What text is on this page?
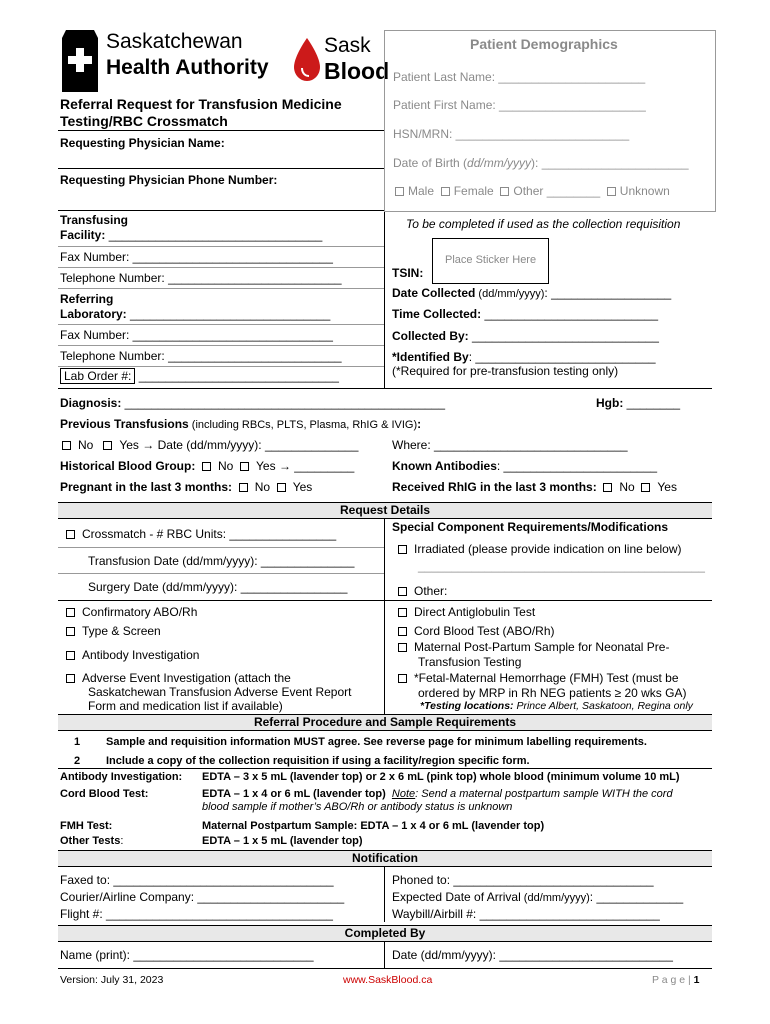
Saskatchewan
Health Authority
Sask
Blood
Referral Request for Transfusion Medicine
Testing/RBC Crossmatch
Requesting Physician Name:
Requesting Physician Phone Number:
Patient Demographics
Patient Last Name: ______________________
Patient First Name: ______________________
HSN/MRN: __________________________
Date of Birth (dd/mm/yyyy): ______________________
Male Female Other ________ Unknown
Transfusing
Facility: ________________________________
Fax Number: ______________________________
Telephone Number: __________________________
Referring
Laboratory: ______________________________
Fax Number: ______________________________
Telephone Number: __________________________
Lab Order #: ______________________________
To be completed if used as the collection requisition
Place Sticker Here
TSIN:
Date Collected (dd/mm/yyyy): __________________
Time Collected: __________________________
Collected By: ____________________________
*Identified By: ___________________________
(*Required for pre-transfusion testing only)
Diagnosis: ________________________________________________	Hgb: ________
Previous Transfusions (including RBCs, PLTS, Plasma, RhIG & IVIG):
No Yes → Date (dd/mm/yyyy): ______________	Where: _____________________________
Historical Blood Group: No Yes → _________	Known Antibodies: _______________________
Pregnant in the last 3 months: No Yes	Received RhIG in the last 3 months: No Yes
Request Details
Crossmatch - # RBC Units: ________________
Transfusion Date (dd/mm/yyyy): ______________
Surgery Date (dd/mm/yyyy): ________________
Special Component Requirements/Modifications
Irradiated (please provide indication on line below)
___________________________________________
Other:
Confirmatory ABO/Rh
Type & Screen
Antibody Investigation
Adverse Event Investigation (attach the
Saskatchewan Transfusion Adverse Event Report
Form and medication list if available)
Direct Antiglobulin Test
Cord Blood Test (ABO/Rh)
Maternal Post-Partum Sample for Neonatal Pre-
Transfusion Testing
*Fetal-Maternal Hemorrhage (FMH) Test (must be
ordered by MRP in Rh NEG patients ≥ 20 wks GA)
*Testing locations: Prince Albert, Saskatoon, Regina only
Referral Procedure and Sample Requirements
1 Sample and requisition information MUST agree. See reverse page for minimum labelling requirements.
2 Include a copy of the collection requisition if using a facility/region specific form.
Antibody Investigation: EDTA – 3 x 5 mL (lavender top) or 2 x 6 mL (pink top) whole blood (minimum volume 10 mL)
Cord Blood Test:	EDTA – 1 x 4 or 6 mL (lavender top) Note: Send a maternal postpartum sample WITH the cord
blood sample if mother’s ABO/Rh or antibody status is unknown
FMH Test:	Maternal Postpartum Sample: EDTA – 1 x 4 or 6 mL (lavender top)
Other Tests:	EDTA – 1 x 5 mL (lavender top)
Notification
Faxed to: _________________________________
Courier/Airline Company: ______________________
Flight #: __________________________________
Phoned to: ______________________________
Expected Date of Arrival (dd/mm/yyyy): _____________
Waybill/Airbill #: ___________________________
Completed By
Name (print): ___________________________	Date (dd/mm/yyyy): __________________________
Version: July 31, 2023	www.SaskBlood.ca	P a g e | 1
